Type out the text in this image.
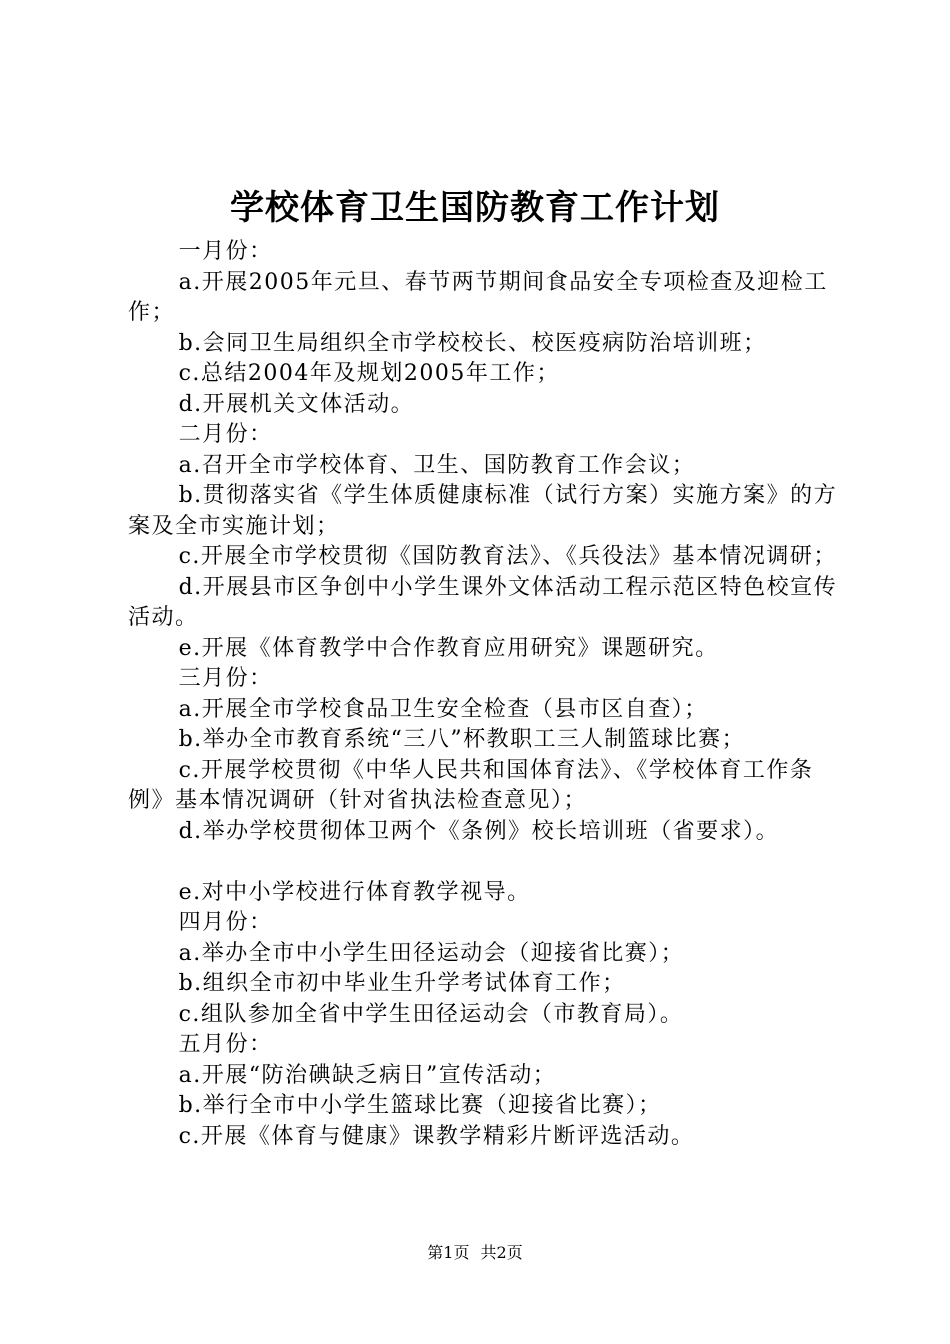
学校体育卫生国防教育工作计划

一月份：

a.开展2005年元旦、春节两节期间食品安全专项检查及迎检工作；

b.会同卫生局组织全市学校校长、校医疫病防治培训班；

c.总结2004年及规划2005年工作；

d.开展机关文体活动。

二月份：

a.召开全市学校体育、卫生、国防教育工作会议；

b.贯彻落实省《学生体质健康标准（试行方案）实施方案》的方案及全市实施计划；

c.开展全市学校贯彻《国防教育法》、《兵役法》基本情况调研；

d.开展县市区争创中小学生课外文体活动工程示范区特色校宣传活动。

e.开展《体育教学中合作教育应用研究》课题研究。

三月份：

a.开展全市学校食品卫生安全检查（县市区自查）；

b.举办全市教育系统“三八”杯教职工三人制篮球比赛；

c.开展学校贯彻《中华人民共和国体育法》、《学校体育工作条例》基本情况调研（针对省执法检查意见）；

d.举办学校贯彻体卫两个《条例》校长培训班（省要求）。

e.对中小学校进行体育教学视导。

四月份：

a.举办全市中小学生田径运动会（迎接省比赛）；

b.组织全市初中毕业生升学考试体育工作；

c.组队参加全省中学生田径运动会（市教育局）。

五月份：

a.开展“防治碘缺乏病日”宣传活动；

b.举行全市中小学生篮球比赛（迎接省比赛）；

c.开展《体育与健康》课教学精彩片断评选活动。

第1页 共2页
